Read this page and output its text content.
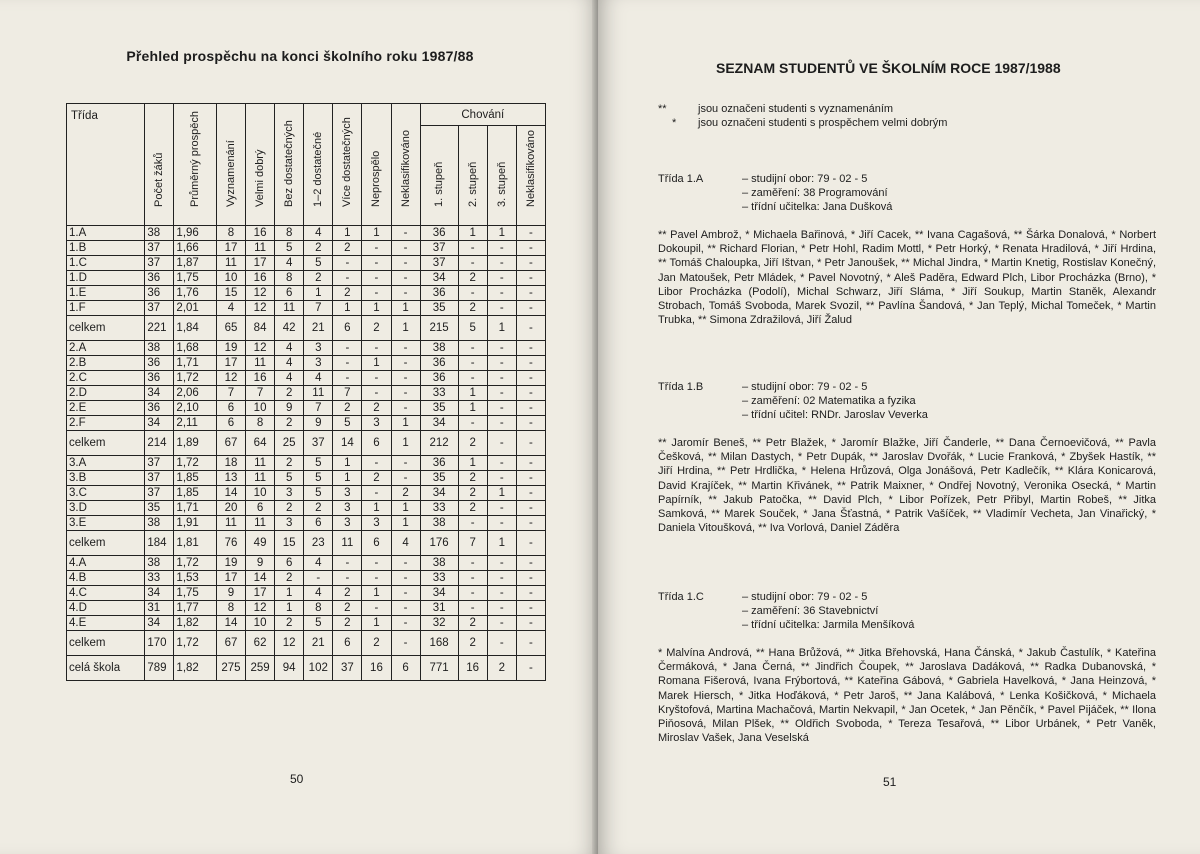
Přehled prospěchu na konci školního roku 1987/88
Třída	Počet žáků	Průměrný prospěch	Vyznamenání	Velmi dobrý	Bez dostatečných	1–2 dostatečné	Více dostatečných	Neprospělo	Neklasifikováno	Chování			

										1. stupeň	2. stupeň	3. stupeň	Neklasifikováno

1.A	38	1,96	8	16	8	4	1	1	-	36	1	1	-
1.B	37	1,66	17	11	5	2	2	-	-	37	-	-	-
1.C	37	1,87	11	17	4	5	-	-	-	37	-	-	-
1.D	36	1,75	10	16	8	2	-	-	-	34	2	-	-
1.E	36	1,76	15	12	6	1	2	-	-	36	-	-	-
1.F	37	2,01	4	12	11	7	1	1	1	35	2	-	-
celkem	221	1,84	65	84	42	21	6	2	1	215	5	1	-
2.A	38	1,68	19	12	4	3	-	-	-	38	-	-	-
2.B	36	1,71	17	11	4	3	-	1	-	36	-	-	-
2.C	36	1,72	12	16	4	4	-	-	-	36	-	-	-
2.D	34	2,06	7	7	2	11	7	-	-	33	1	-	-
2.E	36	2,10	6	10	9	7	2	2	-	35	1	-	-
2.F	34	2,11	6	8	2	9	5	3	1	34	-	-	-
celkem	214	1,89	67	64	25	37	14	6	1	212	2	-	-
3.A	37	1,72	18	11	2	5	1	-	-	36	1	-	-
3.B	37	1,85	13	11	5	5	1	2	-	35	2	-	-
3.C	37	1,85	14	10	3	5	3	-	2	34	2	1	-
3.D	35	1,71	20	6	2	2	3	1	1	33	2	-	-
3.E	38	1,91	11	11	3	6	3	3	1	38	-	-	-
celkem	184	1,81	76	49	15	23	11	6	4	176	7	1	-
4.A	38	1,72	19	9	6	4	-	-	-	38	-	-	-
4.B	33	1,53	17	14	2	-	-	-	-	33	-	-	-
4.C	34	1,75	9	17	1	4	2	1	-	34	-	-	-
4.D	31	1,77	8	12	1	8	2	-	-	31	-	-	-
4.E	34	1,82	14	10	2	5	2	1	-	32	2	-	-
celkem	170	1,72	67	62	12	21	6	2	-	168	2	-	-
celá škola	789	1,82	275	259	94	102	37	16	6	771	16	2	-
50
SEZNAM STUDENTŮ VE ŠKOLNÍM ROCE 1987/1988
**	jsou označeni studenti s vyznamenáním
*	jsou označeni studenti s prospěchem velmi dobrým
Třída 1.A	– studijní obor: 79 - 02 - 5
– zaměření: 38 Programování
– třídní učitelka: Jana Dušková
** Pavel Ambrož, * Michaela Bařinová, * Jiří Cacek, ** Ivana Cagašová, ** Šárka Donalová, * Norbert Dokoupil, ** Richard Florian, * Petr Hohl, Radim Mottl, * Petr Horký, * Renata Hradilová, * Jiří Hrdina, ** Tomáš Chaloupka, Jiří Ištvan, * Petr Janoušek, ** Michal Jindra, * Martin Knetig, Rostislav Konečný, Jan Matoušek, Petr Mládek, * Pavel Novotný, * Aleš Paděra, Edward Plch, Libor Procházka (Brno), * Libor Procházka (Podolí), Michal Schwarz, Jiří Sláma, * Jiří Soukup, Martin Staněk, Alexandr Strobach, Tomáš Svoboda, Marek Svozil, ** Pavlína Šandová, * Jan Teplý, Michal Tomeček, * Martin Trubka, ** Simona Zdražilová, Jiří Žalud
Třída 1.B	– studijní obor: 79 - 02 - 5
– zaměření: 02 Matematika a fyzika
– třídní učitel: RNDr. Jaroslav Veverka
** Jaromír Beneš, ** Petr Blažek, * Jaromír Blažke, Jiří Čanderle, ** Dana Černoevičová, ** Pavla Češková, ** Milan Dastych, * Petr Dupák, ** Jaroslav Dvořák, * Lucie Franková, * Zbyšek Hastík, ** Jiří Hrdina, ** Petr Hrdlička, * Helena Hrůzová, Olga Jonášová, Petr Kadlečík, ** Klára Konicarová, David Krajíček, ** Martin Křivánek, ** Patrik Maixner, * Ondřej Novotný, Veronika Osecká, * Martin Papírník, ** Jakub Patočka, ** David Plch, * Libor Pořízek, Petr Přibyl, Martin Robeš, ** Jitka Samková, ** Marek Souček, * Jana Šťastná, * Patrik Vašíček, ** Vladimír Vecheta, Jan Vinařický, * Daniela Vitoušková, ** Iva Vorlová, Daniel Záděra
Třída 1.C	– studijní obor: 79 - 02 - 5
– zaměření: 36 Stavebnictví
– třídní učitelka: Jarmila Menšíková
* Malvína Andrová, ** Hana Brůžová, ** Jitka Břehovská, Hana Čánská, * Jakub Častulík, * Kateřina Čermáková, * Jana Černá, ** Jindřich Čoupek, ** Jaroslava Dadáková, ** Radka Dubanovská, * Romana Fišerová, Ivana Frýbortová, ** Kateřina Gábová, * Gabriela Havelková, * Jana Heinzová, * Marek Hiersch, * Jitka Hoďáková, * Petr Jaroš, ** Jana Kalábová, * Lenka Košičková, * Michaela Kryštofová, Martina Machačová, Martin Nekvapil, * Jan Ocetek, * Jan Pěnčík, * Pavel Pijáček, ** Ilona Piňosová, Milan Plšek, ** Oldřich Svoboda, * Tereza Tesařová, ** Libor Urbánek, * Petr Vaněk, Miroslav Vašek, Jana Veselská
51
